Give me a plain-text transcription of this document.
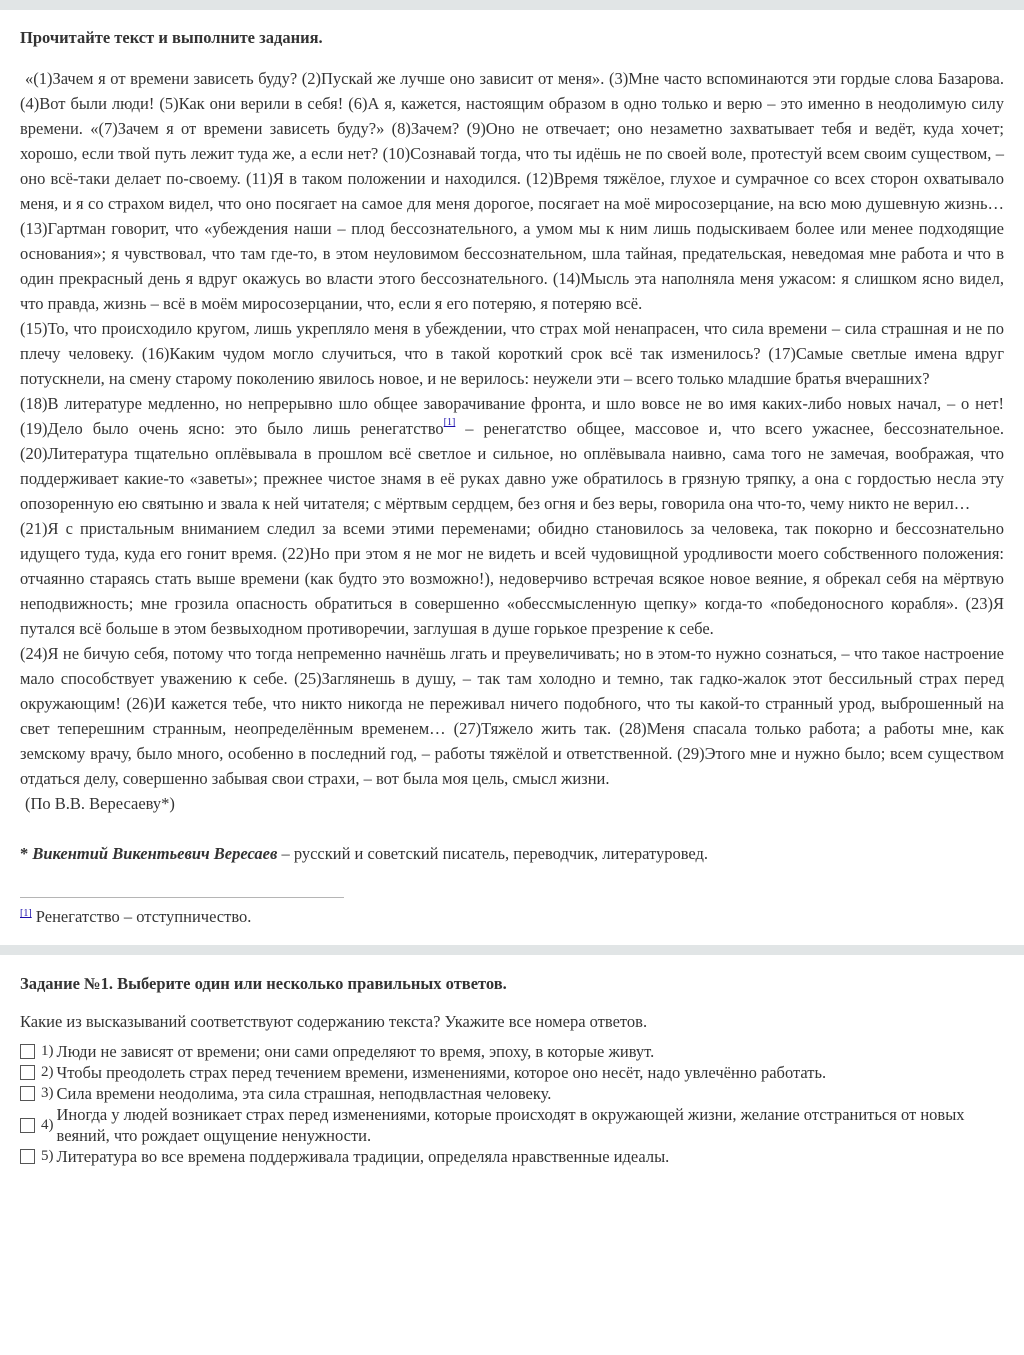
Прочитайте текст и выполните задания.

«(1)Зачем я от времени зависеть буду? (2)Пускай же лучше оно зависит от меня». (3)Мне часто вспоминаются эти гордые слова Базарова. (4)Вот были люди! (5)Как они верили в себя! (6)А я, кажется, настоящим образом в одно только и верю – это именно в неодолимую силу времени. «(7)Зачем я от времени зависеть буду?» (8)Зачем? (9)Оно не отвечает; оно незаметно захватывает тебя и ведёт, куда хочет; хорошо, если твой путь лежит туда же, а если нет? (10)Сознавай тогда, что ты идёшь не по своей воле, протестуй всем своим существом, – оно всё-таки делает по-своему. (11)Я в таком положении и находился. (12)Время тяжёлое, глухое и сумрачное со всех сторон охватывало меня, и я со страхом видел, что оно посягает на самое для меня дорогое, посягает на моё миросозерцание, на всю мою душевную жизнь… (13)Гартман говорит, что «убеждения наши – плод бессознательного, а умом мы к ним лишь подыскиваем более или менее подходящие основания»; я чувствовал, что там где-то, в этом неуловимом бессознательном, шла тайная, предательская, неведомая мне работа и что в один прекрасный день я вдруг окажусь во власти этого бессознательного. (14)Мысль эта наполняла меня ужасом: я слишком ясно видел, что правда, жизнь – всё в моём миросозерцании, что, если я его потеряю, я потеряю всё.

(15)То, что происходило кругом, лишь укрепляло меня в убеждении, что страх мой ненапрасен, что сила времени – сила страшная и не по плечу человеку. (16)Каким чудом могло случиться, что в такой короткий срок всё так изменилось? (17)Самые светлые имена вдруг потускнели, на смену старому поколению явилось новое, и не верилось: неужели эти – всего только младшие братья вчерашних?

(18)В литературе медленно, но непрерывно шло общее заворачивание фронта, и шло вовсе не во имя каких-либо новых начал, – о нет! (19)Дело было очень ясно: это было лишь ренегатство[1] – ренегатство общее, массовое и, что всего ужаснее, бессознательное. (20)Литература тщательно оплёвывала в прошлом всё светлое и сильное, но оплёвывала наивно, сама того не замечая, воображая, что поддерживает какие-то «заветы»; прежнее чистое знамя в её руках давно уже обратилось в грязную тряпку, а она с гордостью несла эту опозоренную ею святыню и звала к ней читателя; с мёртвым сердцем, без огня и без веры, говорила она что-то, чему никто не верил…

(21)Я с пристальным вниманием следил за всеми этими переменами; обидно становилось за человека, так покорно и бессознательно идущего туда, куда его гонит время. (22)Но при этом я не мог не видеть и всей чудовищной уродливости моего собственного положения: отчаянно стараясь стать выше времени (как будто это возможно!), недоверчиво встречая всякое новое веяние, я обрекал себя на мёртвую неподвижность; мне грозила опасность обратиться в совершенно «обессмысленную щепку» когда-то «победоносного корабля». (23)Я путался всё больше в этом безвыходном противоречии, заглушая в душе горькое презрение к себе.

(24)Я не бичую себя, потому что тогда непременно начнёшь лгать и преувеличивать; но в этом-то нужно сознаться, – что такое настроение мало способствует уважению к себе. (25)Заглянешь в душу, – так там холодно и темно, так гадко-жалок этот бессильный страх перед окружающим! (26)И кажется тебе, что никто никогда не переживал ничего подобного, что ты какой-то странный урод, выброшенный на свет теперешним странным, неопределённым временем… (27)Тяжело жить так. (28)Меня спасала только работа; а работы мне, как земскому врачу, было много, особенно в последний год, – работы тяжёлой и ответственной. (29)Этого мне и нужно было; всем существом отдаться делу, совершенно забывая свои страхи, – вот была моя цель, смысл жизни.

(По В.В. Вересаеву*)

* Викентий Викентьевич Вересаев – русский и советский писатель, переводчик, литературовед.
[1] Ренегатство – отступничество.
Задание №1. Выберите один или несколько правильных ответов.
Какие из высказываний соответствуют содержанию текста? Укажите все номера ответов.
1) Люди не зависят от времени; они сами определяют то время, эпоху, в которые живут.
2) Чтобы преодолеть страх перед течением времени, изменениями, которое оно несёт, надо увлечённо работать.
3) Сила времени неодолима, эта сила страшная, неподвластная человеку.
4)
Иногда у людей возникает страх перед изменениями, которые происходят в окружающей жизни, желание отстраниться от новых веяний, что рождает ощущение ненужности.
5) Литература во все времена поддерживала традиции, определяла нравственные идеалы.
